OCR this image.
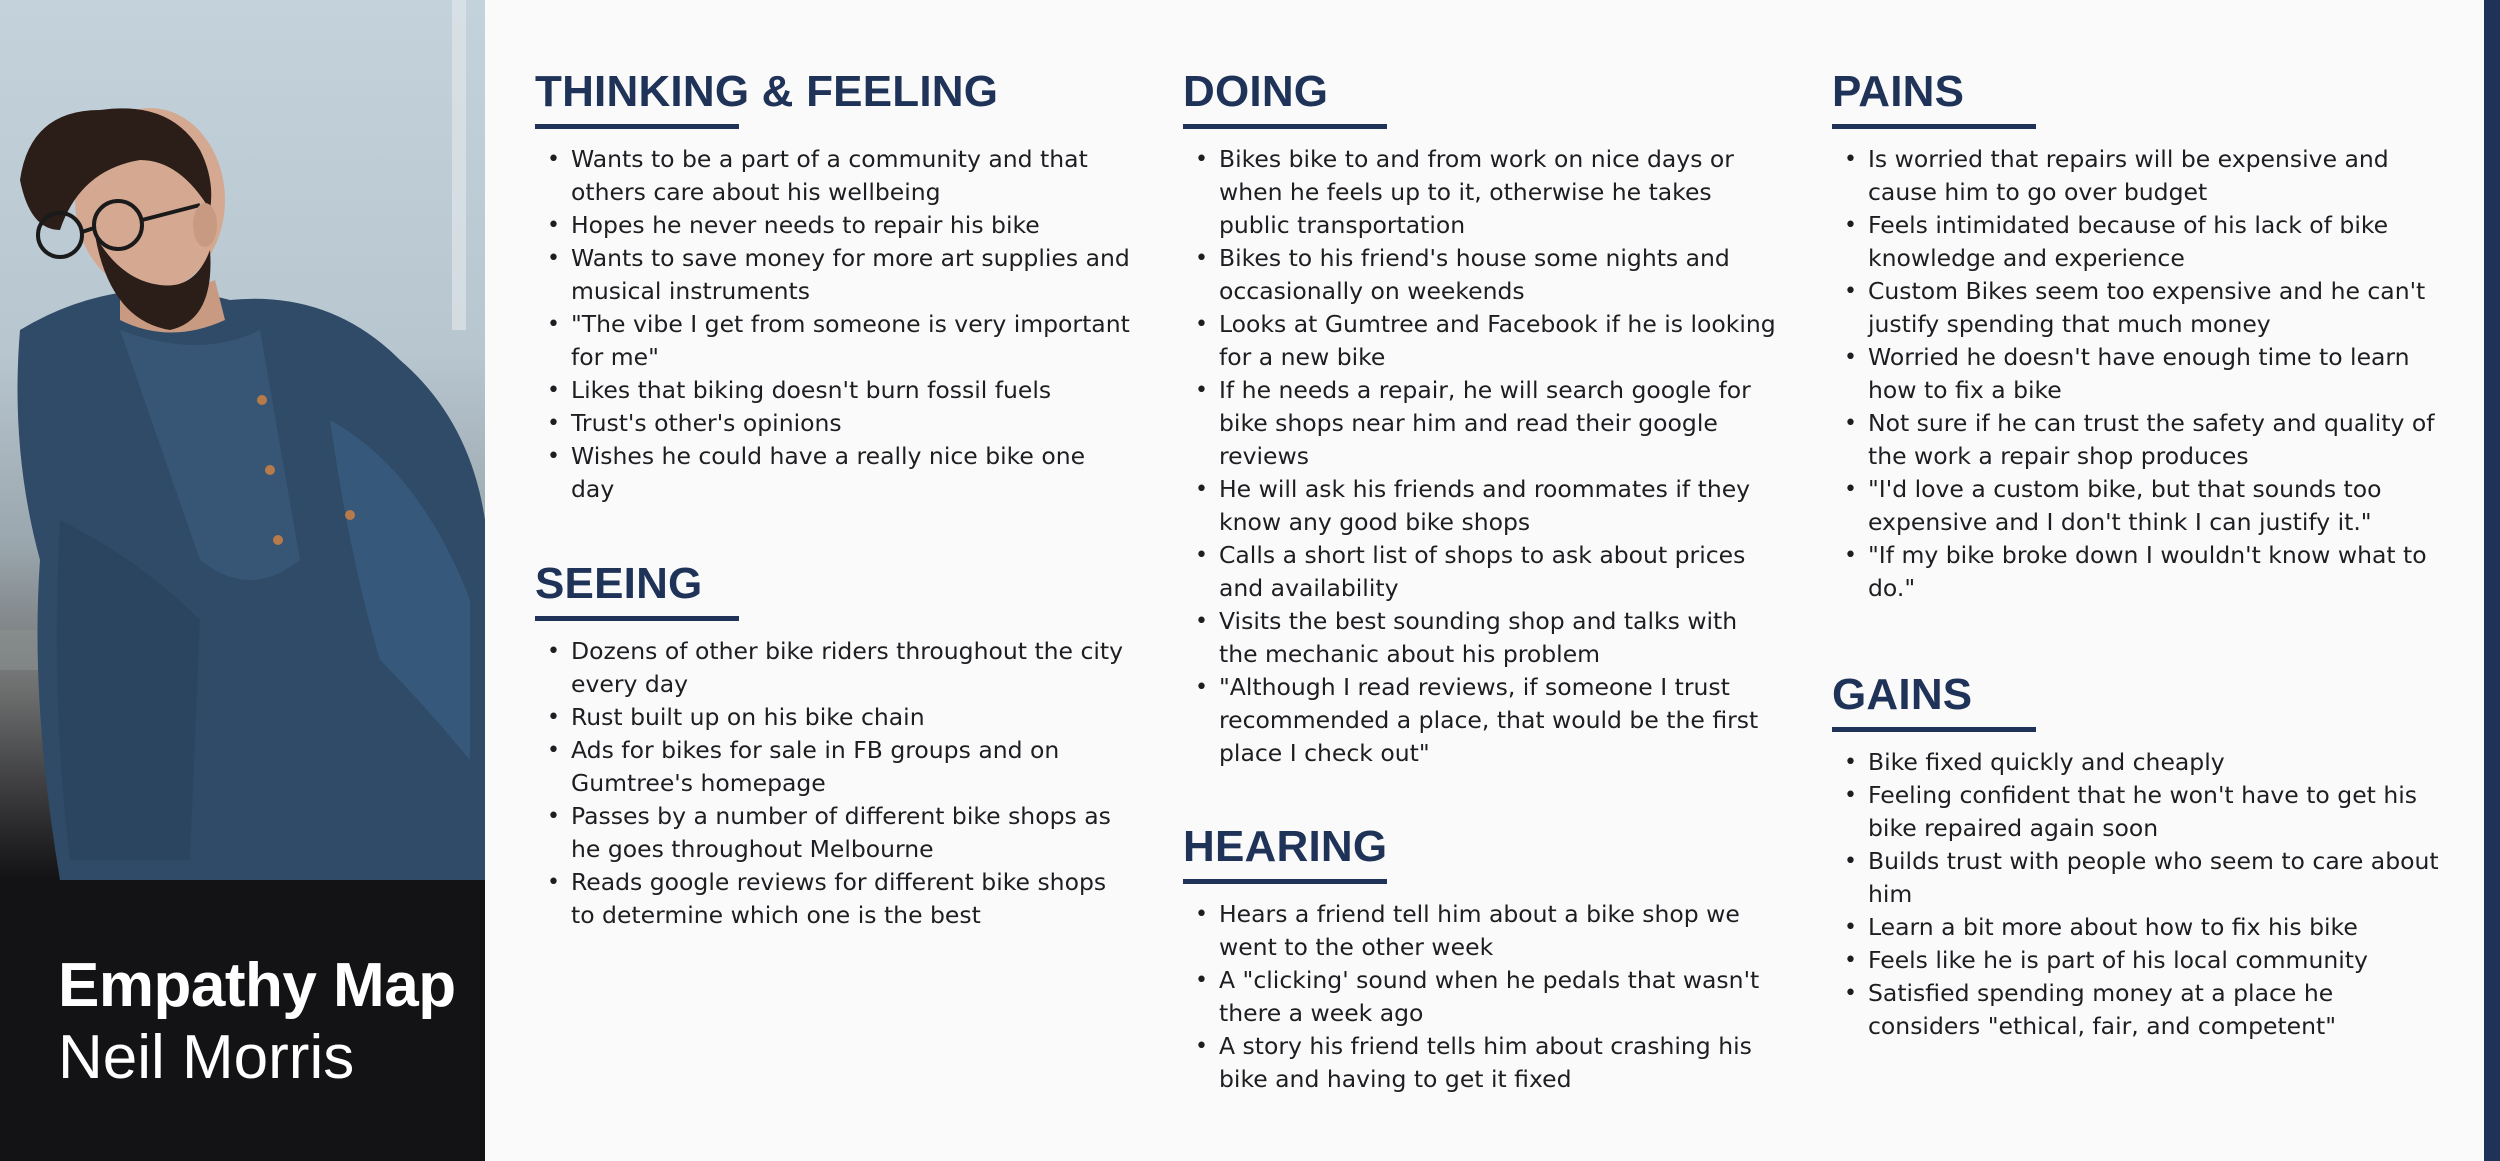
Empathy Map
Neil Morris
THINKING & FEELING
• Wants to be a part of a community and that others care about his wellbeing
• Hopes he never needs to repair his bike
• Wants to save money for more art supplies and musical instruments
• "The vibe I get from someone is very important for me"
• Likes that biking doesn't burn fossil fuels
• Trust's other's opinions
• Wishes he could have a really nice bike one day
SEEING
• Dozens of other bike riders throughout the city every day
• Rust built up on his bike chain
• Ads for bikes for sale in FB groups and on Gumtree's homepage
• Passes by a number of different bike shops as he goes throughout Melbourne
• Reads google reviews for different bike shops to determine which one is the best
DOING
• Bikes bike to and from work on nice days or when he feels up to it, otherwise he takes public transportation
• Bikes to his friend's house some nights and occasionally on weekends
• Looks at Gumtree and Facebook if he is looking for a new bike
• If he needs a repair, he will search google for bike shops near him and read their google reviews
• He will ask his friends and roommates if they know any good bike shops
• Calls a short list of shops to ask about prices and availability
• Visits the best sounding shop and talks with the mechanic about his problem
• "Although I read reviews, if someone I trust recommended a place, that would be the first place I check out"
HEARING
• Hears a friend tell him about a bike shop we went to the other week
• A "clicking' sound when he pedals that wasn't there a week ago
• A story his friend tells him about crashing his bike and having to get it fixed
PAINS
• Is worried that repairs will be expensive and cause him to go over budget
• Feels intimidated because of his lack of bike knowledge and experience
• Custom Bikes seem too expensive and he can't justify spending that much money
• Worried he doesn't have enough time to learn how to fix a bike
• Not sure if he can trust the safety and quality of the work a repair shop produces
• "I'd love a custom bike, but that sounds too expensive and I don't think I can justify it."
• "If my bike broke down I wouldn't know what to do."
GAINS
• Bike fixed quickly and cheaply
• Feeling confident that he won't have to get his bike repaired again soon
• Builds trust with people who seem to care about him
• Learn a bit more about how to fix his bike
• Feels like he is part of his local community
• Satisfied spending money at a place he considers "ethical, fair, and competent"
